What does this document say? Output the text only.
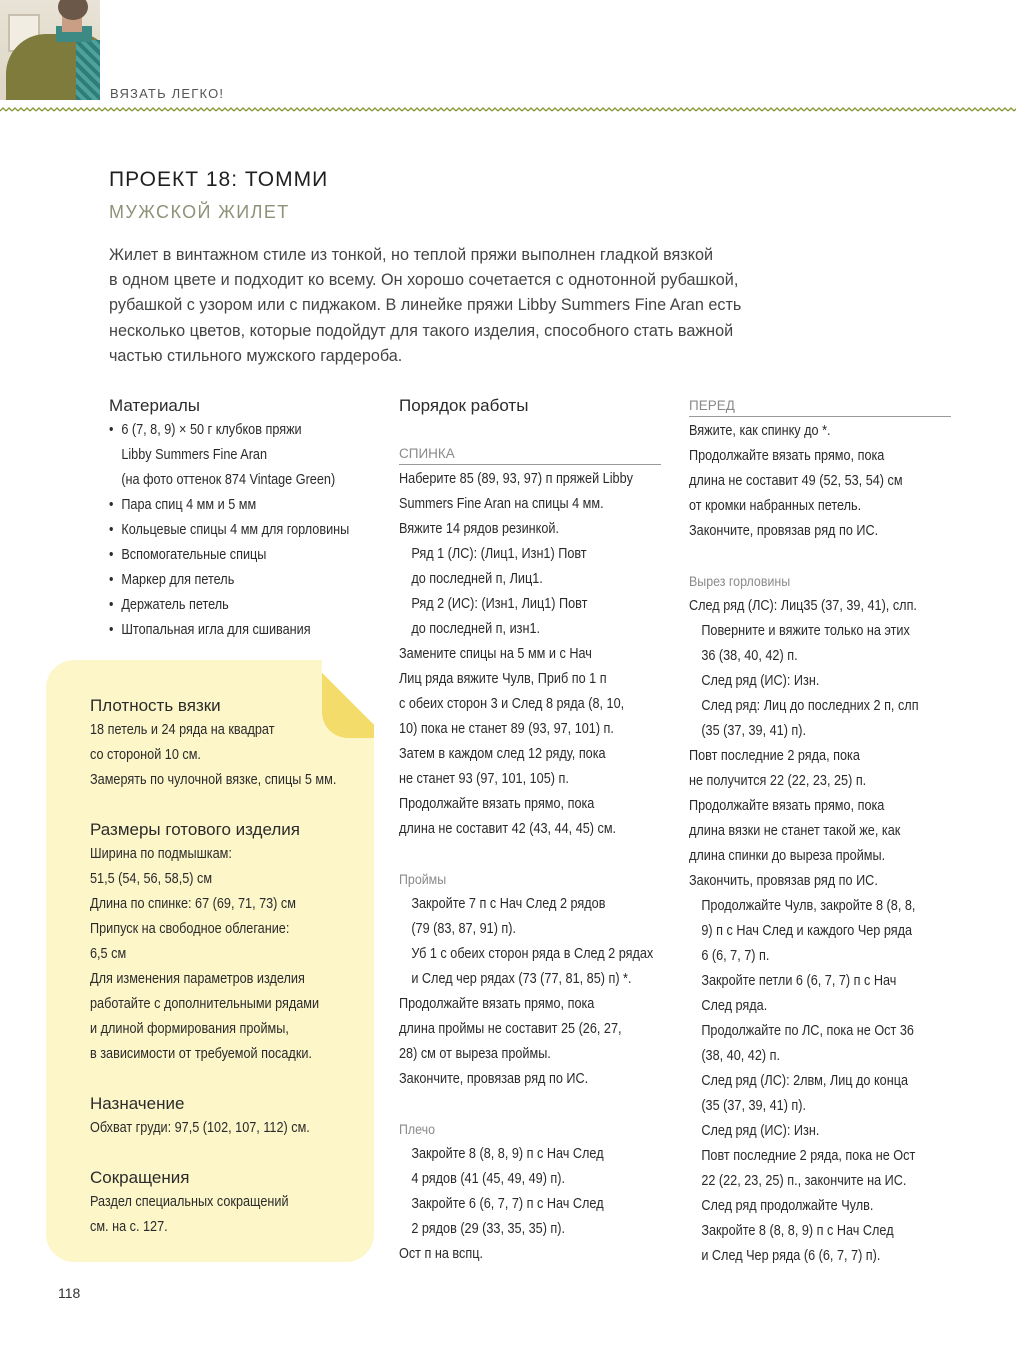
ВЯЗАТЬ ЛЕГКО!
ПРОЕКТ 18: ТОММИ
МУЖСКОЙ ЖИЛЕТ
Жилет в винтажном стиле из тонкой, но теплой пряжи выполнен гладкой вязкой
в одном цвете и подходит ко всему. Он хорошо сочетается с однотонной рубашкой,
рубашкой с узором или с пиджаком. В линейке пряжи Libby Summers Fine Aran есть
несколько цветов, которые подойдут для такого изделия, способного стать важной
частью стильного мужского гардероба.
Материалы
• 6 (7, 8, 9) × 50 г клубков пряжи
Libby Summers Fine Aran
(на фото оттенок 874 Vintage Green)
• Пара спиц 4 мм и 5 мм
• Кольцевые спицы 4 мм для горловины
• Вспомогательные спицы
• Маркер для петель
• Держатель петель
• Штопальная игла для сшивания
Плотность вязки
18 петель и 24 ряда на квадрат
со стороной 10 см.
Замерять по чулочной вязке, спицы 5 мм.
Размеры готового изделия
Ширина по подмышкам:
51,5 (54, 56, 58,5) см
Длина по спинке: 67 (69, 71, 73) см
Припуск на свободное облегание:
6,5 см
Для изменения параметров изделия
работайте с дополнительными рядами
и длиной формирования проймы,
в зависимости от требуемой посадки.
Назначение
Обхват груди: 97,5 (102, 107, 112) см.
Сокращения
Раздел специальных сокращений
см. на с. 127.
Порядок работы
СПИНКА
Наберите 85 (89, 93, 97) п пряжей Libby
Summers Fine Aran на спицы 4 мм.
Вяжите 14 рядов резинкой.
Ряд 1 (ЛС): (Лиц1, Изн1) Повт
до последней п, Лиц1.
Ряд 2 (ИС): (Изн1, Лиц1) Повт
до последней п, изн1.
Замените спицы на 5 мм и с Нач
Лиц ряда вяжите Чулв, Приб по 1 п
с обеих сторон 3 и След 8 ряда (8, 10,
10) пока не станет 89 (93, 97, 101) п.
Затем в каждом след 12 ряду, пока
не станет 93 (97, 101, 105) п.
Продолжайте вязать прямо, пока
длина не составит 42 (43, 44, 45) см.
Проймы
Закройте 7 п с Нач След 2 рядов
(79 (83, 87, 91) п).
Уб 1 с обеих сторон ряда в След 2 рядах
и След чер рядах (73 (77, 81, 85) п) *.
Продолжайте вязать прямо, пока
длина проймы не составит 25 (26, 27,
28) см от выреза проймы.
Закончите, провязав ряд по ИС.
Плечо
Закройте 8 (8, 8, 9) п с Нач След
4 рядов (41 (45, 49, 49) п).
Закройте 6 (6, 7, 7) п с Нач След
2 рядов (29 (33, 35, 35) п).
Ост п на вспц.
ПЕРЕД
Вяжите, как спинку до *.
Продолжайте вязать прямо, пока
длина не составит 49 (52, 53, 54) см
от кромки набранных петель.
Закончите, провязав ряд по ИС.
Вырез горловины
След ряд (ЛС): Лиц35 (37, 39, 41), слп.
Поверните и вяжите только на этих
36 (38, 40, 42) п.
След ряд (ИС): Изн.
След ряд: Лиц до последних 2 п, слп
(35 (37, 39, 41) п).
Повт последние 2 ряда, пока
не получится 22 (22, 23, 25) п.
Продолжайте вязать прямо, пока
длина вязки не станет такой же, как
длина спинки до выреза проймы.
Закончить, провязав ряд по ИС.
Продолжайте Чулв, закройте 8 (8, 8,
9) п с Нач След и каждого Чер ряда
6 (6, 7, 7) п.
Закройте петли 6 (6, 7, 7) п с Нач
След ряда.
Продолжайте по ЛС, пока не Ост 36
(38, 40, 42) п.
След ряд (ЛС): 2лвм, Лиц до конца
(35 (37, 39, 41) п).
След ряд (ИС): Изн.
Повт последние 2 ряда, пока не Ост
22 (22, 23, 25) п., закончите на ИС.
След ряд продолжайте Чулв.
Закройте 8 (8, 8, 9) п с Нач След
и След Чер ряда (6 (6, 7, 7) п).
118
